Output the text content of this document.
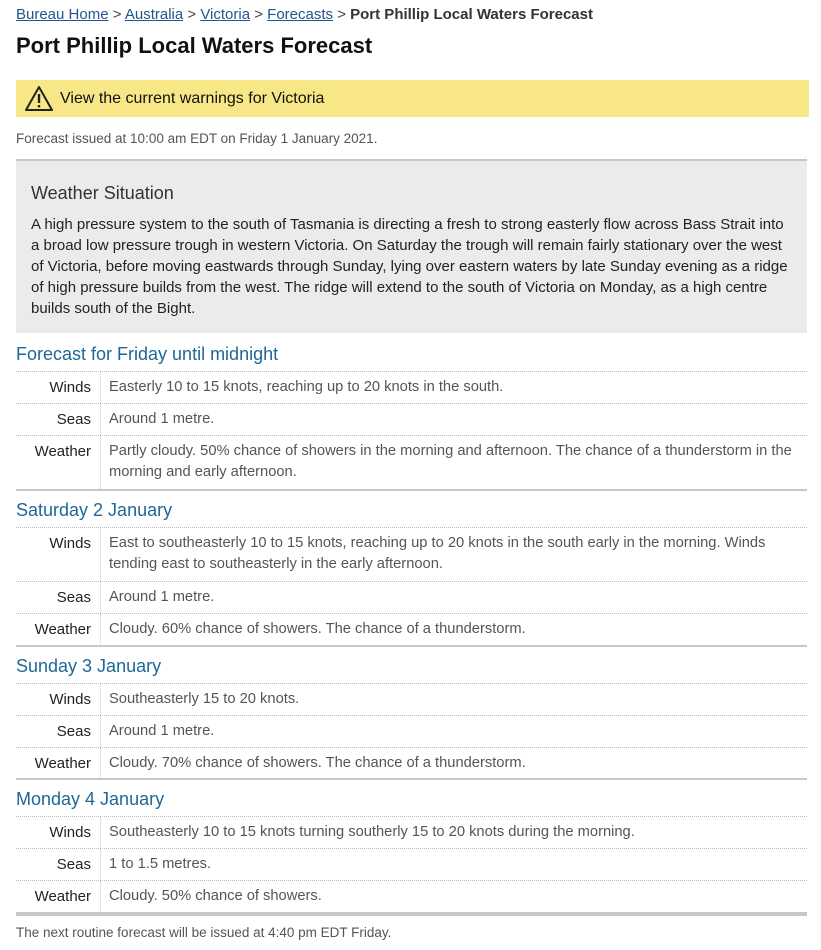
Bureau Home > Australia > Victoria > Forecasts > Port Phillip Local Waters Forecast
Port Phillip Local Waters Forecast
View the current warnings for Victoria
Forecast issued at 10:00 am EDT on Friday 1 January 2021.
Weather Situation

A high pressure system to the south of Tasmania is directing a fresh to strong easterly flow across Bass Strait into a broad low pressure trough in western Victoria. On Saturday the trough will remain fairly stationary over the west of Victoria, before moving eastwards through Sunday, lying over eastern waters by late Sunday evening as a ridge of high pressure builds from the west. The ridge will extend to the south of Victoria on Monday, as a high centre builds south of the Bight.

Forecast for Friday until midnight
Winds	Easterly 10 to 15 knots, reaching up to 20 knots in the south.
Seas	Around 1 metre.
Weather	Partly cloudy. 50% chance of showers in the morning and afternoon. The chance of a thunderstorm in the morning and early afternoon.
Saturday 2 January
Winds	East to southeasterly 10 to 15 knots, reaching up to 20 knots in the south early in the morning. Winds tending east to southeasterly in the early afternoon.
Seas	Around 1 metre.
Weather	Cloudy. 60% chance of showers. The chance of a thunderstorm.
Sunday 3 January
Winds	Southeasterly 15 to 20 knots.
Seas	Around 1 metre.
Weather	Cloudy. 70% chance of showers. The chance of a thunderstorm.
Monday 4 January
Winds	Southeasterly 10 to 15 knots turning southerly 15 to 20 knots during the morning.
Seas	1 to 1.5 metres.
Weather	Cloudy. 50% chance of showers.
The next routine forecast will be issued at 4:40 pm EDT Friday.
